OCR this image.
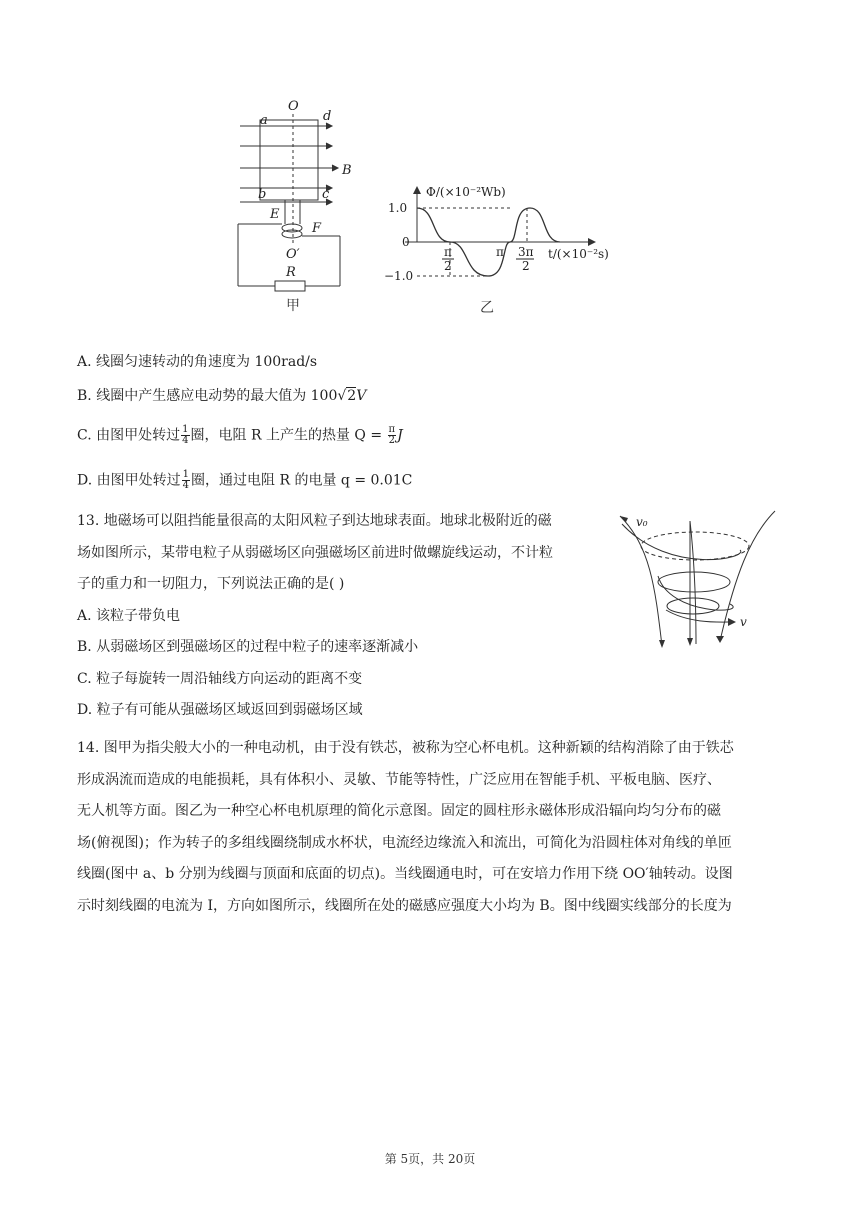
O
a	d
B
b	c
E
F
O′
R
甲
Φ/(×10⁻²Wb)
1.0
0
−1.0
π
2
π 3π
2
t/(×10⁻²s)
乙
A. 线圈匀速转动的角速度为 100rad/s
B. 线圈中产生感应电动势的最大值为 100√2V
C. 由图甲处转过 $\frac{1}{4}$ 圈，电阻 R 上产生的热量 $Q = \frac{\pi}{2}$ J
D. 由图甲处转过 $\frac{1}{4}$ 圈，通过电阻 R 的电量 q = 0.01C
13. 地磁场可以阻挡能量很高的太阳风粒子到达地球表面。地球北极附近的磁
场如图所示，某带电粒子从弱磁场区向强磁场区前进时做螺旋线运动，不计粒
子的重力和一切阻力，下列说法正确的是( )
A. 该粒子带负电
B. 从弱磁场区到强磁场区的过程中粒子的速率逐渐减小
C. 粒子每旋转一周沿轴线方向运动的距离不变
D. 粒子有可能从强磁场区域返回到弱磁场区域
v₀
v
14. 图甲为指尖般大小的一种电动机，由于没有铁芯，被称为空心杯电机。这种新颖的结构消除了由于铁芯
形成涡流而造成的电能损耗，具有体积小、灵敏、节能等特性，广泛应用在智能手机、平板电脑、医疗、
无人机等方面。图乙为一种空心杯电机原理的简化示意图。固定的圆柱形永磁体形成沿辐向均匀分布的磁
场(俯视图)；作为转子的多组线圈绕制成水杯状，电流经边缘流入和流出，可简化为沿圆柱体对角线的单匝
线圈(图中 a、b 分别为线圈与顶面和底面的切点)。当线圈通电时，可在安培力作用下绕 OO′轴转动。设图
示时刻线圈的电流为 I，方向如图所示，线圈所在处的磁感应强度大小均为 B。图中线圈实线部分的长度为
第 5页，共 20页
